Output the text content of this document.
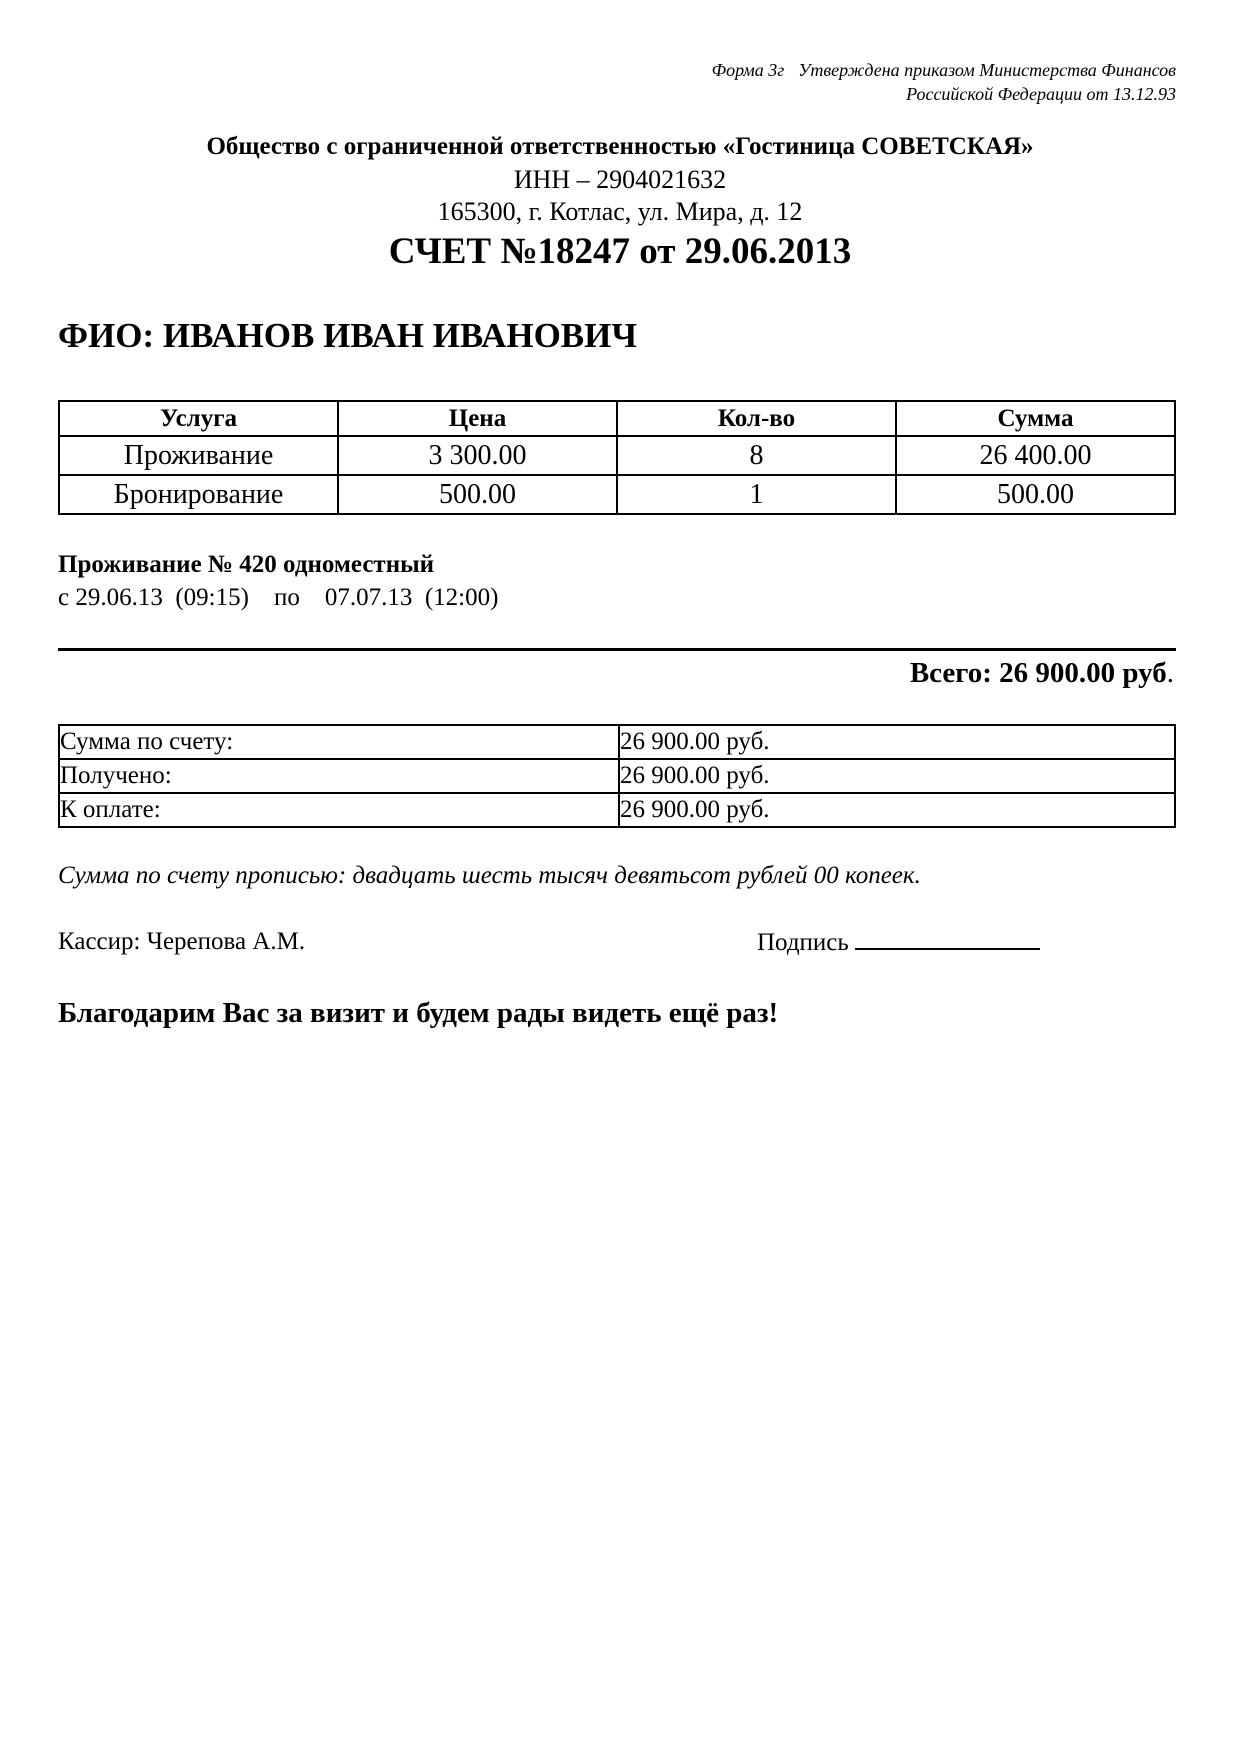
Форма 3г Утверждена приказом Министерства Финансов
Российской Федерации от 13.12.93
Общество с ограниченной ответственностью «Гостиница СОВЕТСКАЯ»
ИНН – 2904021632
165300, г. Котлас, ул. Мира, д. 12
СЧЕТ №18247 от 29.06.2013
ФИО: ИВАНОВ ИВАН ИВАНОВИЧ
Услуга	Цена	Кол-во	Сумма
Проживание	3 300.00	8	26 400.00
Бронирование	500.00	1	500.00
Проживание № 420 одноместный
с 29.06.13  (09:15)    по    07.07.13  (12:00)
Всего: 26 900.00 руб.
Сумма по счету:	26 900.00 руб.
Получено:	26 900.00 руб.
К оплате:	26 900.00 руб.
Сумма по счету прописью: двадцать шесть тысяч девятьсот рублей 00 копеек.
Кассир: Черепова А.М.	Подпись
Благодарим Вас за визит и будем рады видеть ещё раз!
